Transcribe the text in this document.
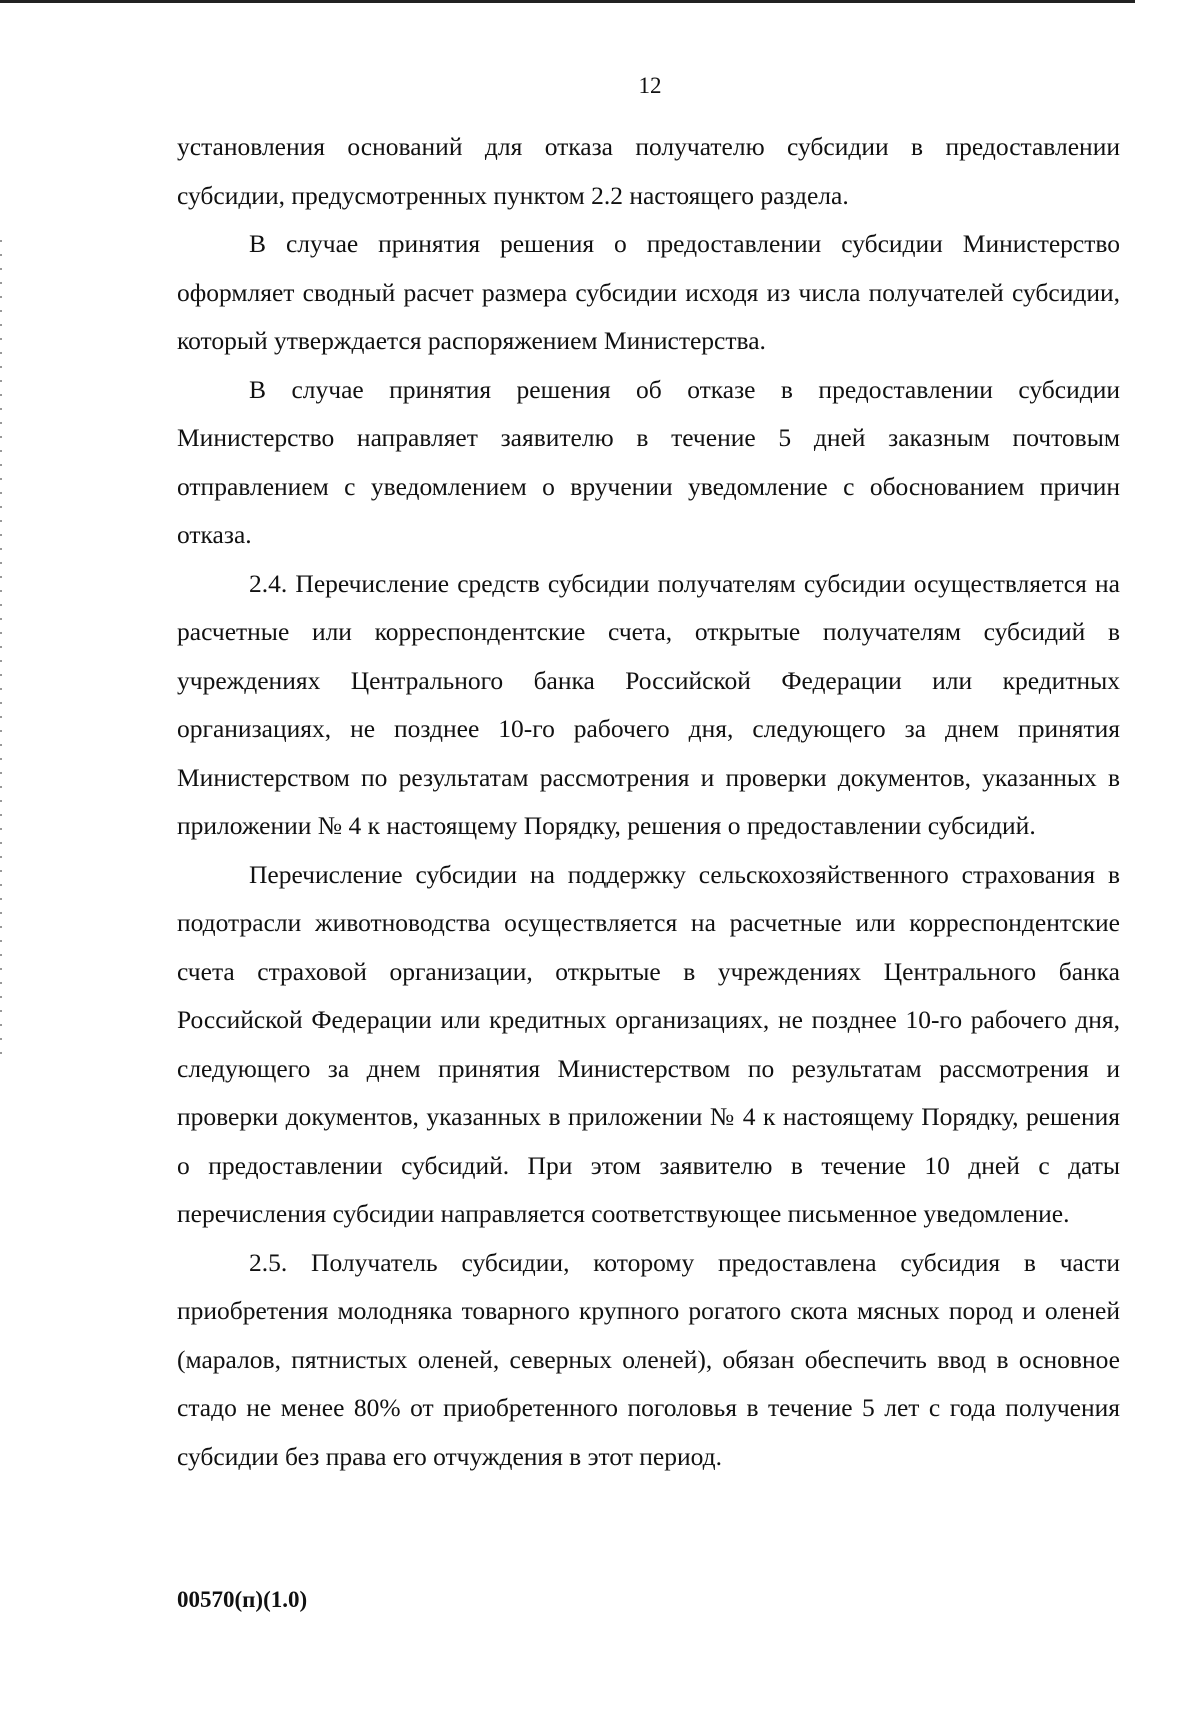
12

установления оснований для отказа получателю субсидии в предоставлении субсидии, предусмотренных пунктом 2.2 настоящего раздела.

В случае принятия решения о предоставлении субсидии Министерство оформляет сводный расчет размера субсидии исходя из числа получателей субсидии, который утверждается распоряжением Министерства.

В случае принятия решения об отказе в предоставлении субсидии Министерство направляет заявителю в течение 5 дней заказным почтовым отправлением с уведомлением о вручении уведомление с обоснованием причин отказа.

2.4. Перечисление средств субсидии получателям субсидии осуществляется на расчетные или корреспондентские счета, открытые получателям субсидий в учреждениях Центрального банка Российской Федерации или кредитных организациях, не позднее 10-го рабочего дня, следующего за днем принятия Министерством по результатам рассмотрения и проверки документов, указанных в приложении № 4 к настоящему Порядку, решения о предоставлении субсидий.

Перечисление субсидии на поддержку сельскохозяйственного страхования в подотрасли животноводства осуществляется на расчетные или корреспондентские счета страховой организации, открытые в учреждениях Центрального банка Российской Федерации или кредитных организациях, не позднее 10-го рабочего дня, следующего за днем принятия Министерством по результатам рассмотрения и проверки документов, указанных в приложении № 4 к настоящему Порядку, решения о предоставлении субсидий. При этом заявителю в течение 10 дней с даты перечисления субсидии направляется соответствующее письменное уведомление.

2.5. Получатель субсидии, которому предоставлена субсидия в части приобретения молодняка товарного крупного рогатого скота мясных пород и оленей (маралов, пятнистых оленей, северных оленей), обязан обеспечить ввод в основное стадо не менее 80% от приобретенного поголовья в течение 5 лет с года получения субсидии без права его отчуждения в этот период.

00570(п)(1.0)
